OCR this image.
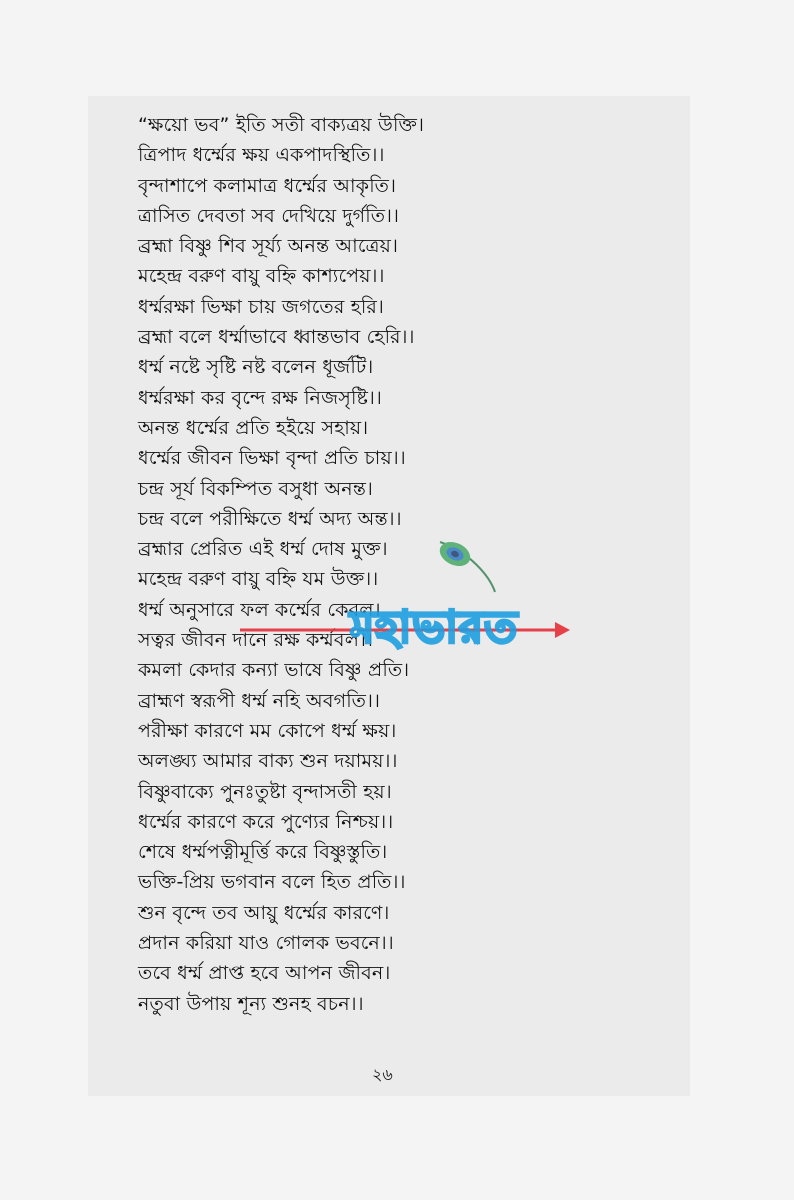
“ক্ষয়ো ভব” ইতি সতী বাক্যত্রয় উক্তি।
ত্রিপাদ ধর্ম্মের ক্ষয় একপাদস্থিতি।।
বৃন্দাশাপে কলামাত্র ধর্ম্মের আকৃতি।
ত্রাসিত দেবতা সব দেখিয়ে দুর্গতি।।
ব্রহ্মা বিষ্ণু শিব সূর্য্য অনন্ত আত্রেয়।
মহেন্দ্র বরুণ বায়ু বহ্নি কাশ্যপেয়।।
ধর্ম্মরক্ষা ভিক্ষা চায় জগতের হরি।
ব্রহ্মা বলে ধর্ম্মাভাবে ধ্বান্তভাব হেরি।।
ধর্ম্ম নষ্টে সৃষ্টি নষ্ট বলেন ধূর্জটি।
ধর্ম্মরক্ষা কর বৃন্দে রক্ষ নিজসৃষ্টি।।
অনন্ত ধর্ম্মের প্রতি হইয়ে সহায়।
ধর্ম্মের জীবন ভিক্ষা বৃন্দা প্রতি চায়।।
চন্দ্র সূর্য বিকম্পিত বসুধা অনন্ত।
চন্দ্র বলে পরীক্ষিতে ধর্ম্ম অদ্য অন্ত।।
ব্রহ্মার প্রেরিত এই ধর্ম্ম দোষ মুক্ত।
মহেন্দ্র বরুণ বায়ু বহ্নি যম উক্ত।।
ধর্ম্ম অনুসারে ফল কর্ম্মের কেবল।
সত্বর জীবন দানে রক্ষ কর্ম্মবল।।
কমলা কেদার কন্যা ভাষে বিষ্ণু প্রতি।
ব্রাহ্মণ স্বরূপী ধর্ম্ম নহি অবগতি।।
পরীক্ষা কারণে মম কোপে ধর্ম্ম ক্ষয়।
অলঙ্ঘ্য আমার বাক্য শুন দয়াময়।।
বিষ্ণুবাক্যে পুনঃতুষ্টা বৃন্দাসতী হয়।
ধর্ম্মের কারণে করে পুণ্যের নিশ্চয়।।
শেষে ধর্ম্মপত্নীমূর্ত্তি করে বিষ্ণুস্তুতি।
ভক্তি-প্রিয় ভগবান বলে হিত প্রতি।।
শুন বৃন্দে তব আয়ু ধর্ম্মের কারণে।
প্রদান করিয়া যাও গোলক ভবনে।।
তবে ধর্ম্ম প্রাপ্ত হবে আপন জীবন।
নতুবা উপায় শূন্য শুনহ বচন।।
২৬
মহাভারত
